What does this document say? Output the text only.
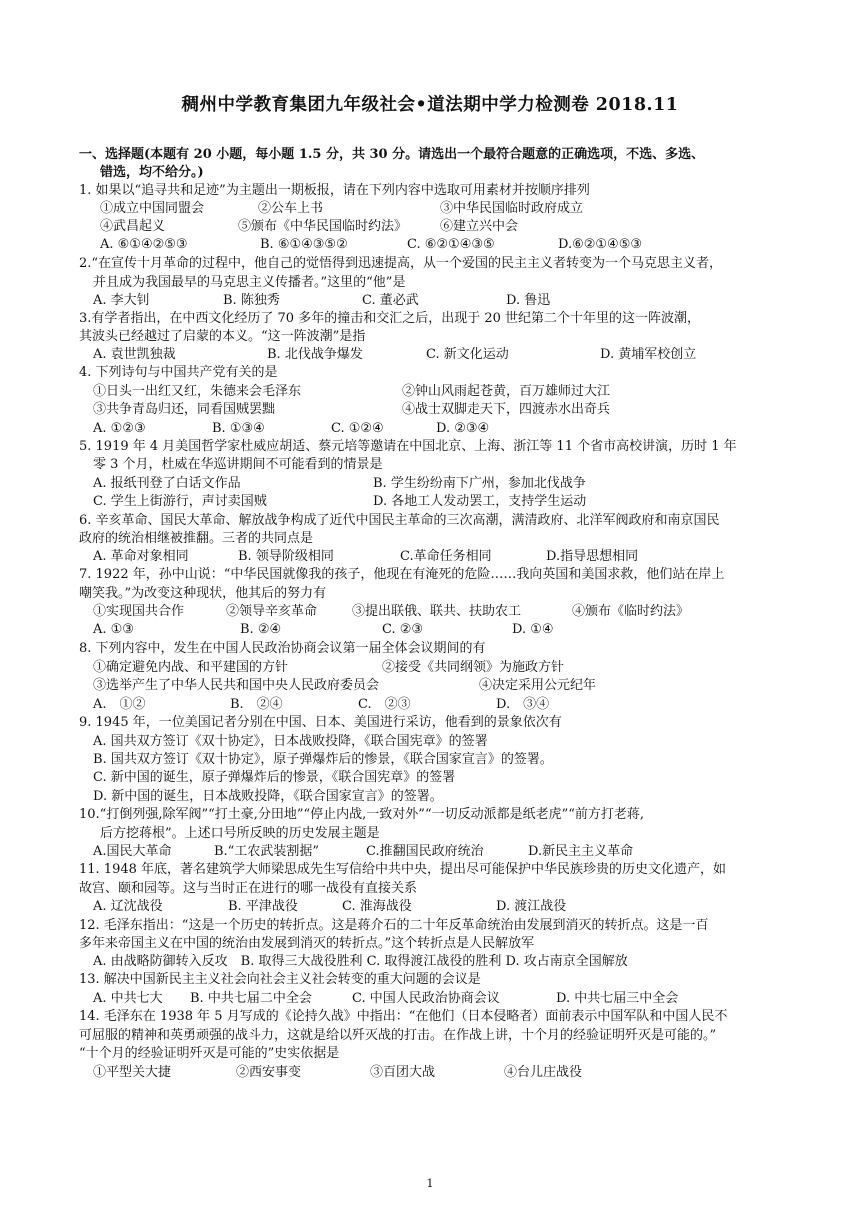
稠州中学教育集团九年级社会•道法期中学力检测卷 2018.11
一、选择题(本题有 20 小题，每小题 1.5 分，共 30 分。请选出一个最符合题意的正确选项，不选、多选、
错选，均不给分。)
1. 如果以“追寻共和足迹”为主题出一期板报，请在下列内容中选取可用素材并按顺序排列
①成立中国同盟会	②公车上书	③中华民国临时政府成立
④武昌起义	⑤颁布《中华民国临时约法》	⑥建立兴中会
A. ⑥①④②⑤③	B. ⑥①④③⑤②	C. ⑥②①④③⑤	D.⑥②①④⑤③
2.“在宣传十月革命的过程中，他自己的觉悟得到迅速提高，从一个爱国的民主主义者转变为一个马克思主义者，
并且成为我国最早的马克思主义传播者。”这里的“他”是
A. 李大钊	B. 陈独秀	C. 董必武	D. 鲁迅
3.有学者指出，在中西文化经历了 70 多年的撞击和交汇之后，出现于 20 世纪第二个十年里的这一阵波潮，
其波头已经越过了启蒙的本义。“这一阵波潮”是指
A. 袁世凯独裁	B. 北伐战争爆发	C. 新文化运动	D. 黄埔军校创立
4. 下列诗句与中国共产党有关的是
①日头一出红又红，朱德来会毛泽东	②钟山风雨起苍黄，百万雄师过大江
③共争青岛归还，同看国贼罢黜	④战士双脚走天下，四渡赤水出奇兵
A. ①②③	B. ①③④	C. ①②④	D. ②③④
5. 1919 年 4 月美国哲学家杜威应胡适、蔡元培等邀请在中国北京、上海、浙江等 11 个省市高校讲演，历时 1 年
零 3 个月，杜威在华巡讲期间不可能看到的情景是
A. 报纸刊登了白话文作品	B. 学生纷纷南下广州，参加北伐战争
C. 学生上街游行，声讨卖国贼	D. 各地工人发动罢工，支持学生运动
6. 辛亥革命、国民大革命、解放战争构成了近代中国民主革命的三次高潮，满清政府、北洋军阀政府和南京国民
政府的统治相继被推翻。三者的共同点是
A. 革命对象相同	B. 领导阶级相同	C.革命任务相同	D.指导思想相同
7. 1922 年，孙中山说：“中华民国就像我的孩子，他现在有淹死的危险……我向英国和美国求救，他们站在岸上
嘲笑我。”为改变这种现状，他其后的努力有
①实现国共合作	②领导辛亥革命	③提出联俄、联共、扶助农工	④颁布《临时约法》
A. ①③	B. ②④	C. ②③	D. ①④
8. 下列内容中，发生在中国人民政治协商会议第一届全体会议期间的有
①确定避免内战、和平建国的方针	②接受《共同纲领》为施政方针
③选举产生了中华人民共和国中央人民政府委员会	④决定采用公元纪年
A.　①②	B.　②④	C.　②③	D.　③④
9. 1945 年，一位美国记者分别在中国、日本、美国进行采访，他看到的景象依次有
A. 国共双方签订《双十协定》，日本战败投降，《联合国宪章》的签署
B. 国共双方签订《双十协定》，原子弹爆炸后的惨景，《联合国家宣言》的签署。
C. 新中国的诞生，原子弹爆炸后的惨景，《联合国宪章》的签署
D. 新中国的诞生，日本战败投降，《联合国家宣言》的签署。
10.“打倒列强,除军阀”“打土豪,分田地”“停止内战,一致对外”“一切反动派都是纸老虎”“前方打老蒋,
后方挖蒋根”。上述口号所反映的历史发展主题是
A.国民大革命	B.“工农武装割据”	C.推翻国民政府统治	D.新民主主义革命
11. 1948 年底，著名建筑学大师梁思成先生写信给中共中央，提出尽可能保护中华民族珍贵的历史文化遗产，如
故宫、颐和园等。这与当时正在进行的哪一战役有直接关系
A. 辽沈战役	B. 平津战役	C. 淮海战役	D. 渡江战役
12. 毛泽东指出：“这是一个历史的转折点。这是蒋介石的二十年反革命统治由发展到消灭的转折点。这是一百
多年来帝国主义在中国的统治由发展到消灭的转折点。”这个转折点是人民解放军
A. 由战略防御转入反攻　B. 取得三大战役胜利 C. 取得渡江战役的胜利 D. 攻占南京全国解放
13. 解决中国新民主主义社会向社会主义社会转变的重大问题的会议是
A. 中共七大 B. 中共七届二中全会	C. 中国人民政治协商会议	D. 中共七届三中全会
14. 毛泽东在 1938 年 5 月写成的《论持久战》中指出：“在他们（日本侵略者）面前表示中国军队和中国人民不
可屈服的精神和英勇顽强的战斗力，这就是给以歼灭战的打击。在作战上讲，十个月的经验证明歼灭是可能的。”
“十个月的经验证明歼灭是可能的”史实依据是
①平型关大捷	②西安事变	③百团大战	④台儿庄战役
1
